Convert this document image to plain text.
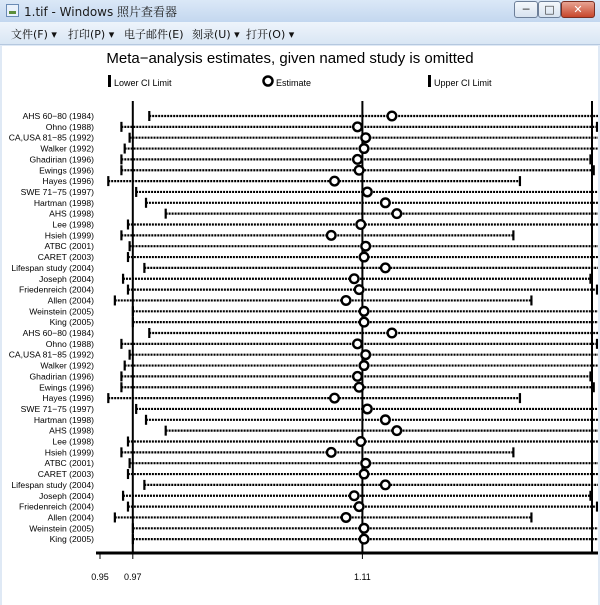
1.tif - Windows 照片查看器	─	□	✕
文件(F) ▾ 打印(P) ▾ 电子邮件(E) 刻录(U) ▾ 打开(O) ▾
Meta−analysis estimates, given named study is omitted
Lower CI Limit	Estimate	Upper CI Limit
AHS 60−80 (1984)
Ohno (1988)
CA,USA 81−85 (1992)
Walker (1992)
Ghadirian (1996)
Ewings (1996)
Hayes (1996)
SWE 71−75 (1997)
Hartman (1998)
AHS (1998)
Lee (1998)
Hsieh (1999)
ATBC (2001)
CARET (2003)
Lifespan study (2004)
Joseph (2004)
Friedenreich (2004)
Allen (2004)
Weinstein (2005)
King (2005)
AHS 60−80 (1984)
Ohno (1988)
CA,USA 81−85 (1992)
Walker (1992)
Ghadirian (1996)
Ewings (1996)
Hayes (1996)
SWE 71−75 (1997)
Hartman (1998)
AHS (1998)
Lee (1998)
Hsieh (1999)
ATBC (2001)
CARET (2003)
Lifespan study (2004)
Joseph (2004)
Friedenreich (2004)
Allen (2004)
Weinstein (2005)
King (2005)
0.95 0.97	1.11
